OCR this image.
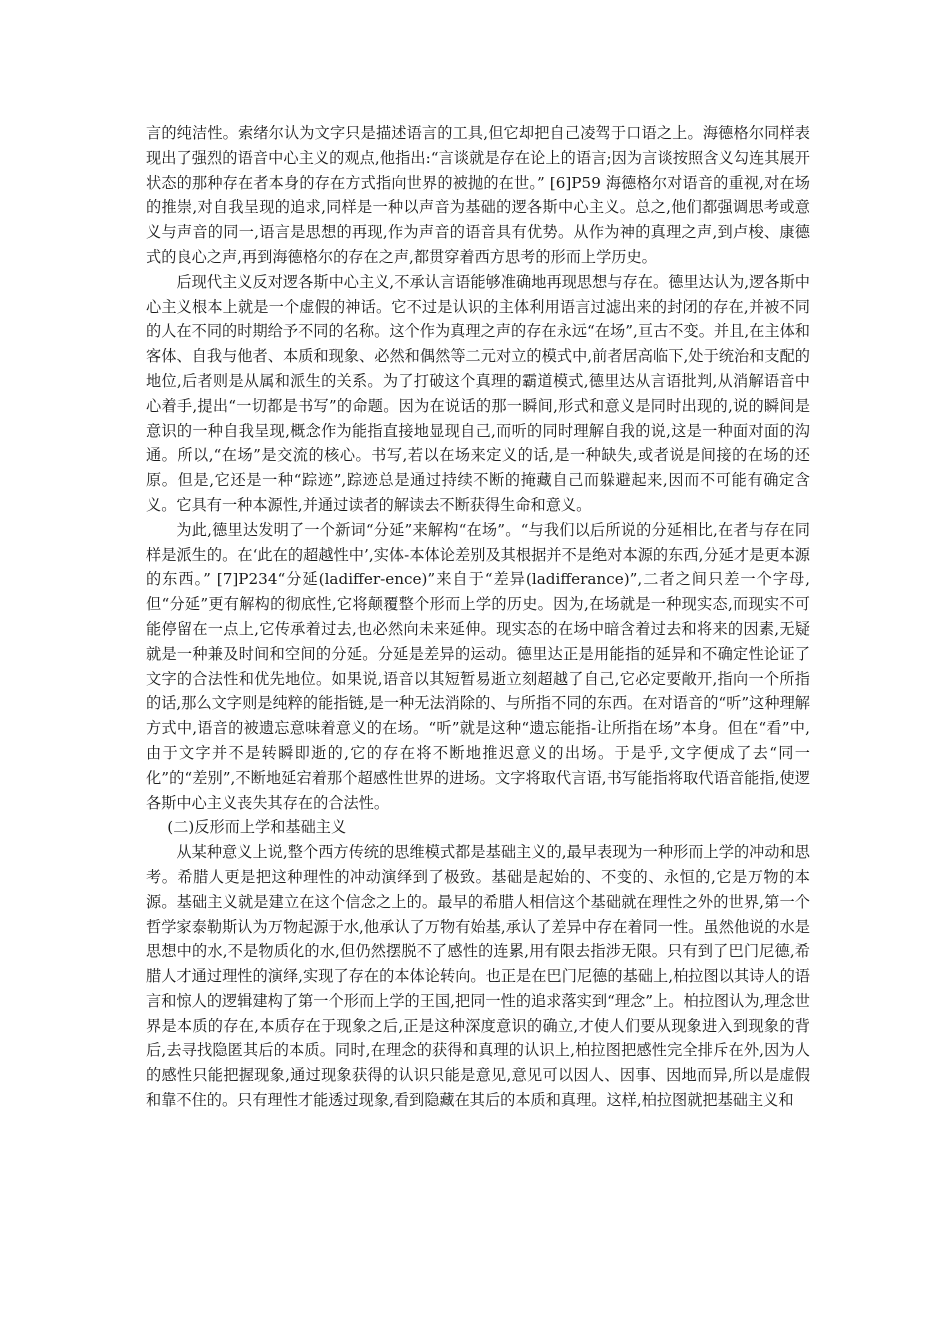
言的纯洁性。索绪尔认为文字只是描述语言的工具,但它却把自己凌驾于口语之上。海德格尔同样表现出了强烈的语音中心主义的观点,他指出:“言谈就是存在论上的语言;因为言谈按照含义勾连其展开状态的那种存在者本身的存在方式指向世界的被抛的在世。” [6]P59 海德格尔对语音的重视,对在场的推崇,对自我呈现的追求,同样是一种以声音为基础的逻各斯中心主义。总之,他们都强调思考或意义与声音的同一,语言是思想的再现,作为声音的语音具有优势。从作为神的真理之声,到卢梭、康德式的良心之声,再到海德格尔的存在之声,都贯穿着西方思考的形而上学历史。

后现代主义反对逻各斯中心主义,不承认言语能够准确地再现思想与存在。德里达认为,逻各斯中心主义根本上就是一个虚假的神话。它不过是认识的主体利用语言过滤出来的封闭的存在,并被不同的人在不同的时期给予不同的名称。这个作为真理之声的存在永远“在场”,亘古不变。并且,在主体和客体、自我与他者、本质和现象、必然和偶然等二元对立的模式中,前者居高临下,处于统治和支配的地位,后者则是从属和派生的关系。为了打破这个真理的霸道模式,德里达从言语批判,从消解语音中心着手,提出“一切都是书写”的命题。因为在说话的那一瞬间,形式和意义是同时出现的,说的瞬间是意识的一种自我呈现,概念作为能指直接地显现自己,而听的同时理解自我的说,这是一种面对面的沟通。所以,“在场”是交流的核心。书写,若以在场来定义的话,是一种缺失,或者说是间接的在场的还原。但是,它还是一种“踪迹”,踪迹总是通过持续不断的掩藏自己而躲避起来,因而不可能有确定含义。它具有一种本源性,并通过读者的解读去不断获得生命和意义。

为此,德里达发明了一个新词“分延”来解构“在场”。“与我们以后所说的分延相比,在者与存在同样是派生的。在‘此在的超越性中’,实体-本体论差别及其根据并不是绝对本源的东西,分延才是更本源的东西。” [7]P234“分延(ladiffer-ence)”来自于“差异(ladifferance)”,二者之间只差一个字母,但“分延”更有解构的彻底性,它将颠覆整个形而上学的历史。因为,在场就是一种现实态,而现实不可能停留在一点上,它传承着过去,也必然向未来延伸。现实态的在场中暗含着过去和将来的因素,无疑就是一种兼及时间和空间的分延。分延是差异的运动。德里达正是用能指的延异和不确定性论证了文字的合法性和优先地位。如果说,语音以其短暂易逝立刻超越了自己,它必定要敞开,指向一个所指的话,那么文字则是纯粹的能指链,是一种无法消除的、与所指不同的东西。在对语音的“听”这种理解方式中,语音的被遗忘意味着意义的在场。“听”就是这种“遗忘能指-让所指在场”本身。但在“看”中,由于文字并不是转瞬即逝的,它的存在将不断地推迟意义的出场。于是乎,文字便成了去“同一化”的“差别”,不断地延宕着那个超感性世界的进场。文字将取代言语,书写能指将取代语音能指,使逻各斯中心主义丧失其存在的合法性。

(二)反形而上学和基础主义

从某种意义上说,整个西方传统的思维模式都是基础主义的,最早表现为一种形而上学的冲动和思考。希腊人更是把这种理性的冲动演绎到了极致。基础是起始的、不变的、永恒的,它是万物的本源。基础主义就是建立在这个信念之上的。最早的希腊人相信这个基础就在理性之外的世界,第一个哲学家泰勒斯认为万物起源于水,他承认了万物有始基,承认了差异中存在着同一性。虽然他说的水是思想中的水,不是物质化的水,但仍然摆脱不了感性的连累,用有限去指涉无限。只有到了巴门尼德,希腊人才通过理性的演绎,实现了存在的本体论转向。也正是在巴门尼德的基础上,柏拉图以其诗人的语言和惊人的逻辑建构了第一个形而上学的王国,把同一性的追求落实到“理念”上。柏拉图认为,理念世界是本质的存在,本质存在于现象之后,正是这种深度意识的确立,才使人们要从现象进入到现象的背后,去寻找隐匿其后的本质。同时,在理念的获得和真理的认识上,柏拉图把感性完全排斥在外,因为人的感性只能把握现象,通过现象获得的认识只能是意见,意见可以因人、因事、因地而异,所以是虚假和靠不住的。只有理性才能透过现象,看到隐藏在其后的本质和真理。这样,柏拉图就把基础主义和
